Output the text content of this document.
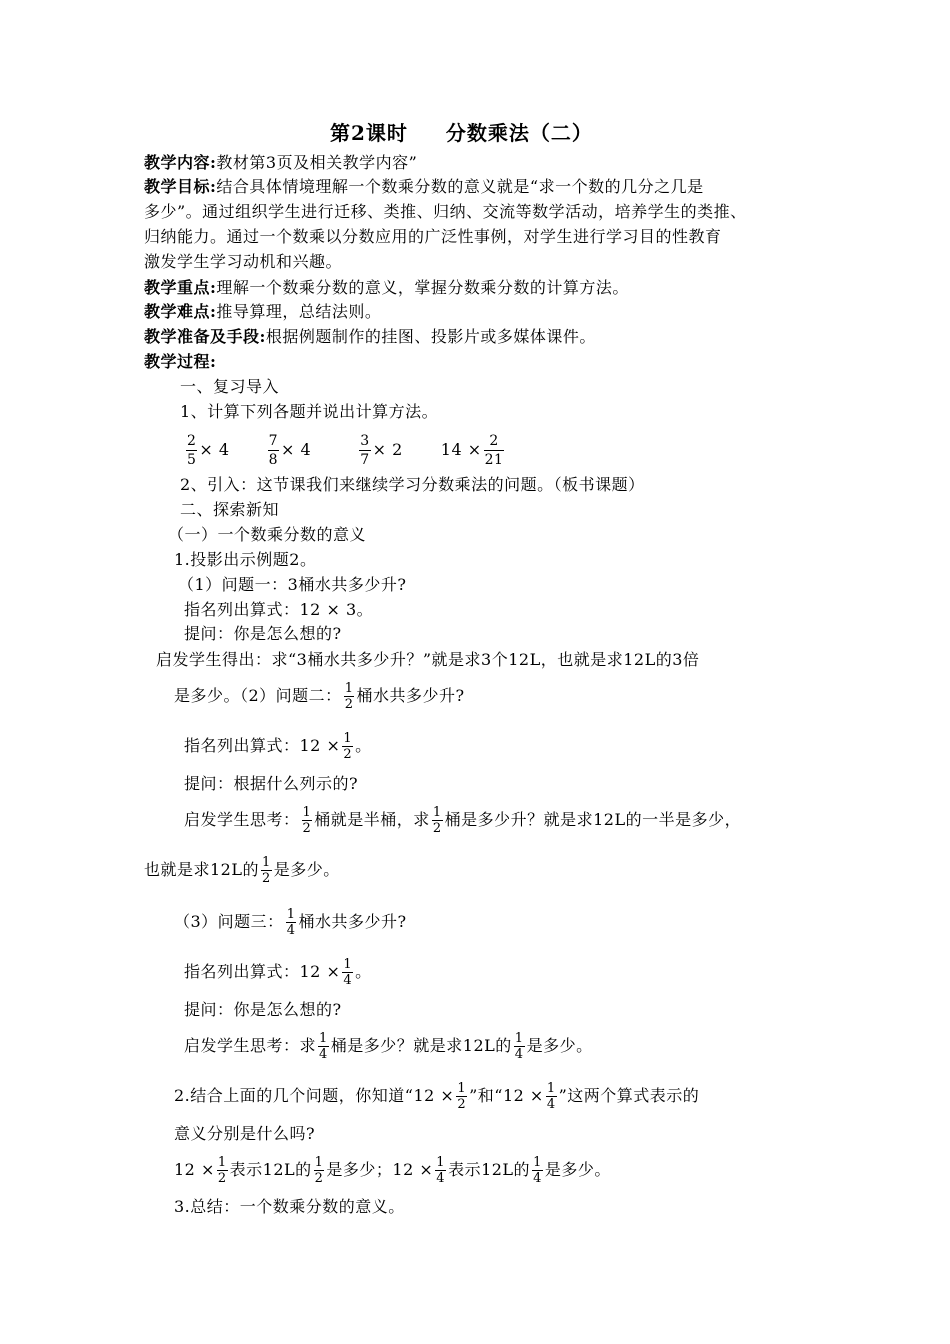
第2课时 分数乘法（二）
教学内容:教材第3页及相关教学内容”
教学目标:结合具体情境理解一个数乘分数的意义就是“求一个数的几分之几是
多少”。通过组织学生进行迁移、类推、归纳、交流等数学活动，培养学生的类推、
归纳能力。通过一个数乘以分数应用的广泛性事例，对学生进行学习目的性教育
激发学生学习动机和兴趣。
教学重点:理解一个数乘分数的意义，掌握分数乘分数的计算方法。
教学难点:推导算理，总结法则。
教学准备及手段:根据例题制作的挂图、投影片或多媒体课件。
教学过程:
一、复习导入
1、计算下列各题并说出计算方法。
$\frac{2}{5} \times 4$	$\frac{7}{8} \times 4$	$\frac{3}{7} \times 2$ $14 \times \frac{2}{21}$
2、引入：这节课我们来继续学习分数乘法的问题。（板书课题）
二、探索新知
（一）一个数乘分数的意义
1.投影出示例题2。
（1）问题一：3桶水共多少升?
指名列出算式：12 × 3。
提问：你是怎么想的?
启发学生得出：求“3桶水共多少升？”就是求3个12L，也就是求12L的3倍
是多少。（2）问题二： 1
2 桶水共多少升?
指名列出算式：$12 \times \frac{1}{2}$ 。
提问：根据什么列示的?
启发学生思考： 1
2 桶就是半桶，求 1
2 桶是多少升？就是求12L的一半是多少，
也就是求12L的 1
2 是多少。
（3）问题三： 1
4 桶水共多少升?
指名列出算式：$12 \times \frac{1}{4}$ 。
提问：你是怎么想的?
启发学生思考：求 1
4 桶是多少？就是求12L的 1
4 是多少。
2.结合上面的几个问题，你知道“$12 \times \frac{1}{2}$ ”和“$12 \times \frac{1}{4}$ ”这两个算式表示的
意义分别是什么吗?
$12 \times \frac{1}{2}$ 表示12L的 1
2 是多少；$12 \times \frac{1}{4}$ 表示12L的 1
4 是多少。
3.总结：一个数乘分数的意义。
